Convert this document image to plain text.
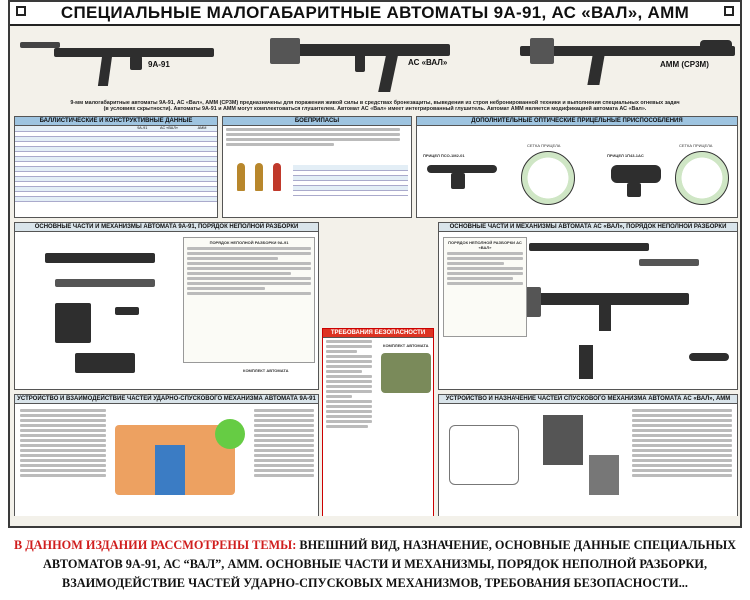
СПЕЦИАЛЬНЫЕ МАЛОГАБАРИТНЫЕ АВТОМАТЫ 9А-91, АС «ВАЛ», АММ
9А-91	АС «ВАЛ»	АММ (СР3М)
9-мм малогабаритные автоматы 9А-91, АС «Вал», АММ (СР3М) предназначены для поражения живой силы в средствах бронезащиты, выведения из строя небронированной техники и выполнения специальных огневых задач (в условиях скрытности). Автоматы 9А-91 и АММ могут комплектоваться глушителем. Автомат АС «Вал» имеет интегрированный глушитель. Автомат АММ является модификацией автомата АС «Вал».
БАЛЛИСТИЧЕСКИЕ И КОНСТРУКТИВНЫЕ ДАННЫЕ
	9А-91	АС «ВАЛ»	АММ

БОЕПРИПАСЫ

			ДОПОЛНИТЕЛЬНЫЕ ОПТИЧЕСКИЕ ПРИЦЕЛЬНЫЕ ПРИСПОСОБЛЕНИЯ
ПРИЦЕЛ ПСО-1М2-01
СЕТКА ПРИЦЕЛА
ПРИЦЕЛ 1П43-1АС
СЕТКА ПРИЦЕЛА
ОСНОВНЫЕ ЧАСТИ И МЕХАНИЗМЫ АВТОМАТА 9А-91, ПОРЯДОК НЕПОЛНОЙ РАЗБОРКИ
ПОРЯДОК НЕПОЛНОЙ РАЗБОРКИ 9А-91
КОМПЛЕКТ АВТОМАТА
ОСНОВНЫЕ ЧАСТИ И МЕХАНИЗМЫ АВТОМАТА АС «ВАЛ», ПОРЯДОК НЕПОЛНОЙ РАЗБОРКИ
ПОРЯДОК НЕПОЛНОЙ РАЗБОРКИ АС «ВАЛ»
ТРЕБОВАНИЯ БЕЗОПАСНОСТИ
КОМПЛЕКТ АВТОМАТА
УСТРОЙСТВО И ВЗАИМОДЕЙСТВИЕ ЧАСТЕЙ УДАРНО-СПУСКОВОГО МЕХАНИЗМА АВТОМАТА 9А-91	УСТРОЙСТВО И НАЗНАЧЕНИЕ ЧАСТЕЙ СПУСКОВОГО МЕХАНИЗМА АВТОМАТА АС «ВАЛ», АММ
В ДАННОМ ИЗДАНИИ РАССМОТРЕНЫ ТЕМЫ: ВНЕШНИЙ ВИД, НАЗНАЧЕНИЕ, ОСНОВНЫЕ ДАННЫЕ СПЕЦИАЛЬНЫХ АВТОМАТОВ 9А-91, АС “ВАЛ”, АММ. ОСНОВНЫЕ ЧАСТИ И МЕХАНИЗМЫ, ПОРЯДОК НЕПОЛНОЙ РАЗБОРКИ, ВЗАИМОДЕЙСТВИЕ ЧАСТЕЙ УДАРНО-СПУСКОВЫХ МЕХАНИЗМОВ, ТРЕБОВАНИЯ БЕЗОПАСНОСТИ...
